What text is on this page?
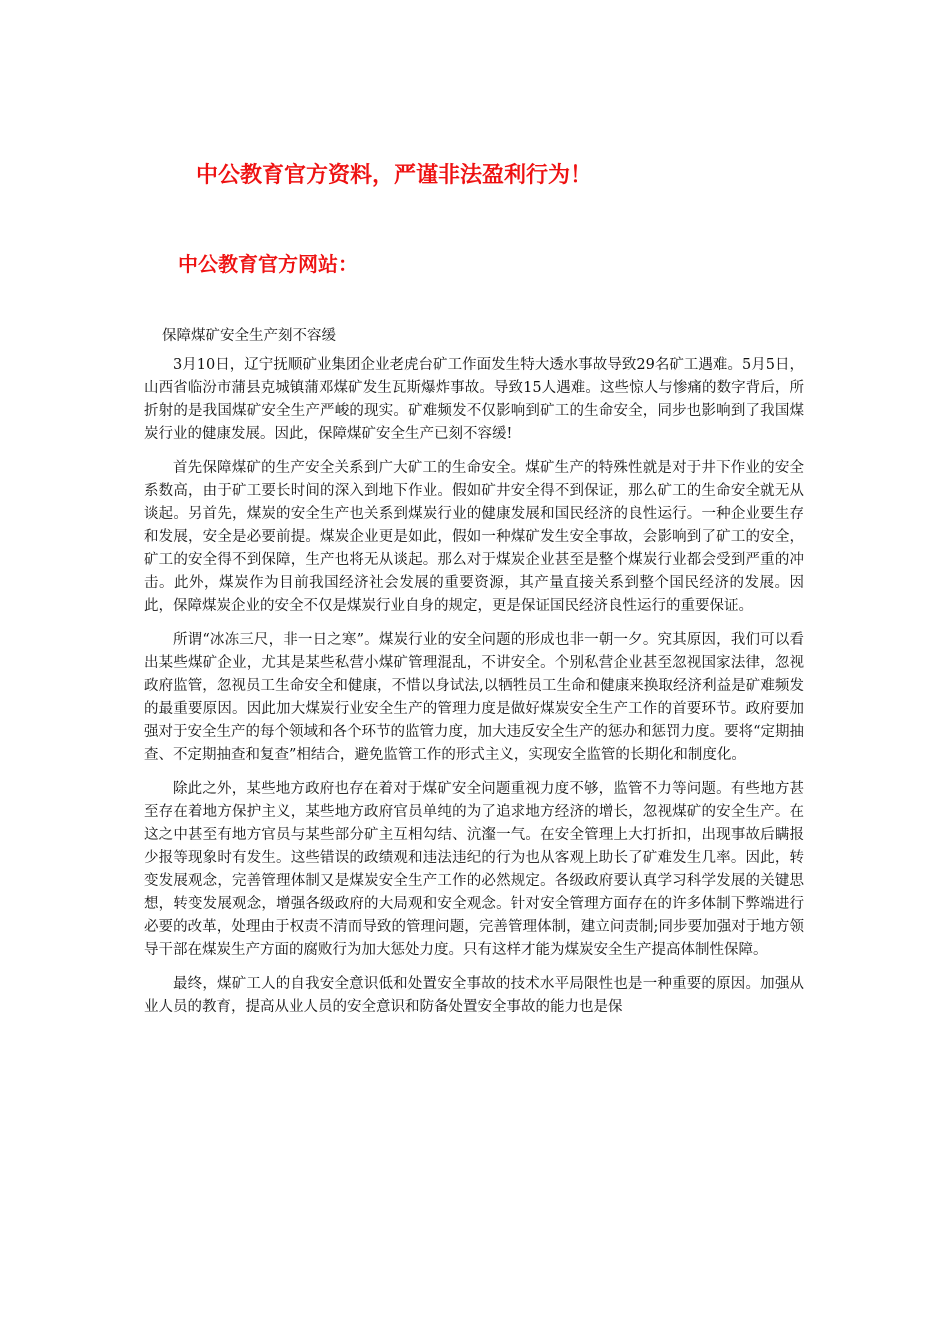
中公教育官方资料，严谨非法盈利行为！
中公教育官方网站：
保障煤矿安全生产刻不容缓

3月10日，辽宁抚顺矿业集团企业老虎台矿工作面发生特大透水事故导致29名矿工遇难。5月5日，山西省临汾市蒲县克城镇蒲邓煤矿发生瓦斯爆炸事故。导致15人遇难。这些惊人与惨痛的数字背后，所折射的是我国煤矿安全生产严峻的现实。矿难频发不仅影响到矿工的生命安全，同步也影响到了我国煤炭行业的健康发展。因此，保障煤矿安全生产已刻不容缓!

首先保障煤矿的生产安全关系到广大矿工的生命安全。煤矿生产的特殊性就是对于井下作业的安全系数高，由于矿工要长时间的深入到地下作业。假如矿井安全得不到保证，那么矿工的生命安全就无从谈起。另首先，煤炭的安全生产也关系到煤炭行业的健康发展和国民经济的良性运行。一种企业要生存和发展，安全是必要前提。煤炭企业更是如此，假如一种煤矿发生安全事故，会影响到了矿工的安全，矿工的安全得不到保障，生产也将无从谈起。那么对于煤炭企业甚至是整个煤炭行业都会受到严重的冲击。此外，煤炭作为目前我国经济社会发展的重要资源，其产量直接关系到整个国民经济的发展。因此，保障煤炭企业的安全不仅是煤炭行业自身的规定，更是保证国民经济良性运行的重要保证。

所谓“冰冻三尺，非一日之寒”。煤炭行业的安全问题的形成也非一朝一夕。究其原因，我们可以看出某些煤矿企业，尤其是某些私营小煤矿管理混乱，不讲安全。个别私营企业甚至忽视国家法律，忽视政府监管，忽视员工生命安全和健康，不惜以身试法,以牺牲员工生命和健康来换取经济利益是矿难频发的最重要原因。因此加大煤炭行业安全生产的管理力度是做好煤炭安全生产工作的首要环节。政府要加强对于安全生产的每个领域和各个环节的监管力度，加大违反安全生产的惩办和惩罚力度。要将“定期抽查、不定期抽查和复查”相结合，避免监管工作的形式主义，实现安全监管的长期化和制度化。

除此之外，某些地方政府也存在着对于煤矿安全问题重视力度不够，监管不力等问题。有些地方甚至存在着地方保护主义，某些地方政府官员单纯的为了追求地方经济的增长，忽视煤矿的安全生产。在这之中甚至有地方官员与某些部分矿主互相勾结、沆瀣一气。在安全管理上大打折扣，出现事故后瞒报少报等现象时有发生。这些错误的政绩观和违法违纪的行为也从客观上助长了矿难发生几率。因此，转变发展观念，完善管理体制又是煤炭安全生产工作的必然规定。各级政府要认真学习科学发展的关键思想，转变发展观念，增强各级政府的大局观和安全观念。针对安全管理方面存在的许多体制下弊端进行必要的改革，处理由于权责不清而导致的管理问题，完善管理体制，建立问责制;同步要加强对于地方领导干部在煤炭生产方面的腐败行为加大惩处力度。只有这样才能为煤炭安全生产提高体制性保障。

最终，煤矿工人的自我安全意识低和处置安全事故的技术水平局限性也是一种重要的原因。加强从业人员的教育，提高从业人员的安全意识和防备处置安全事故的能力也是保
